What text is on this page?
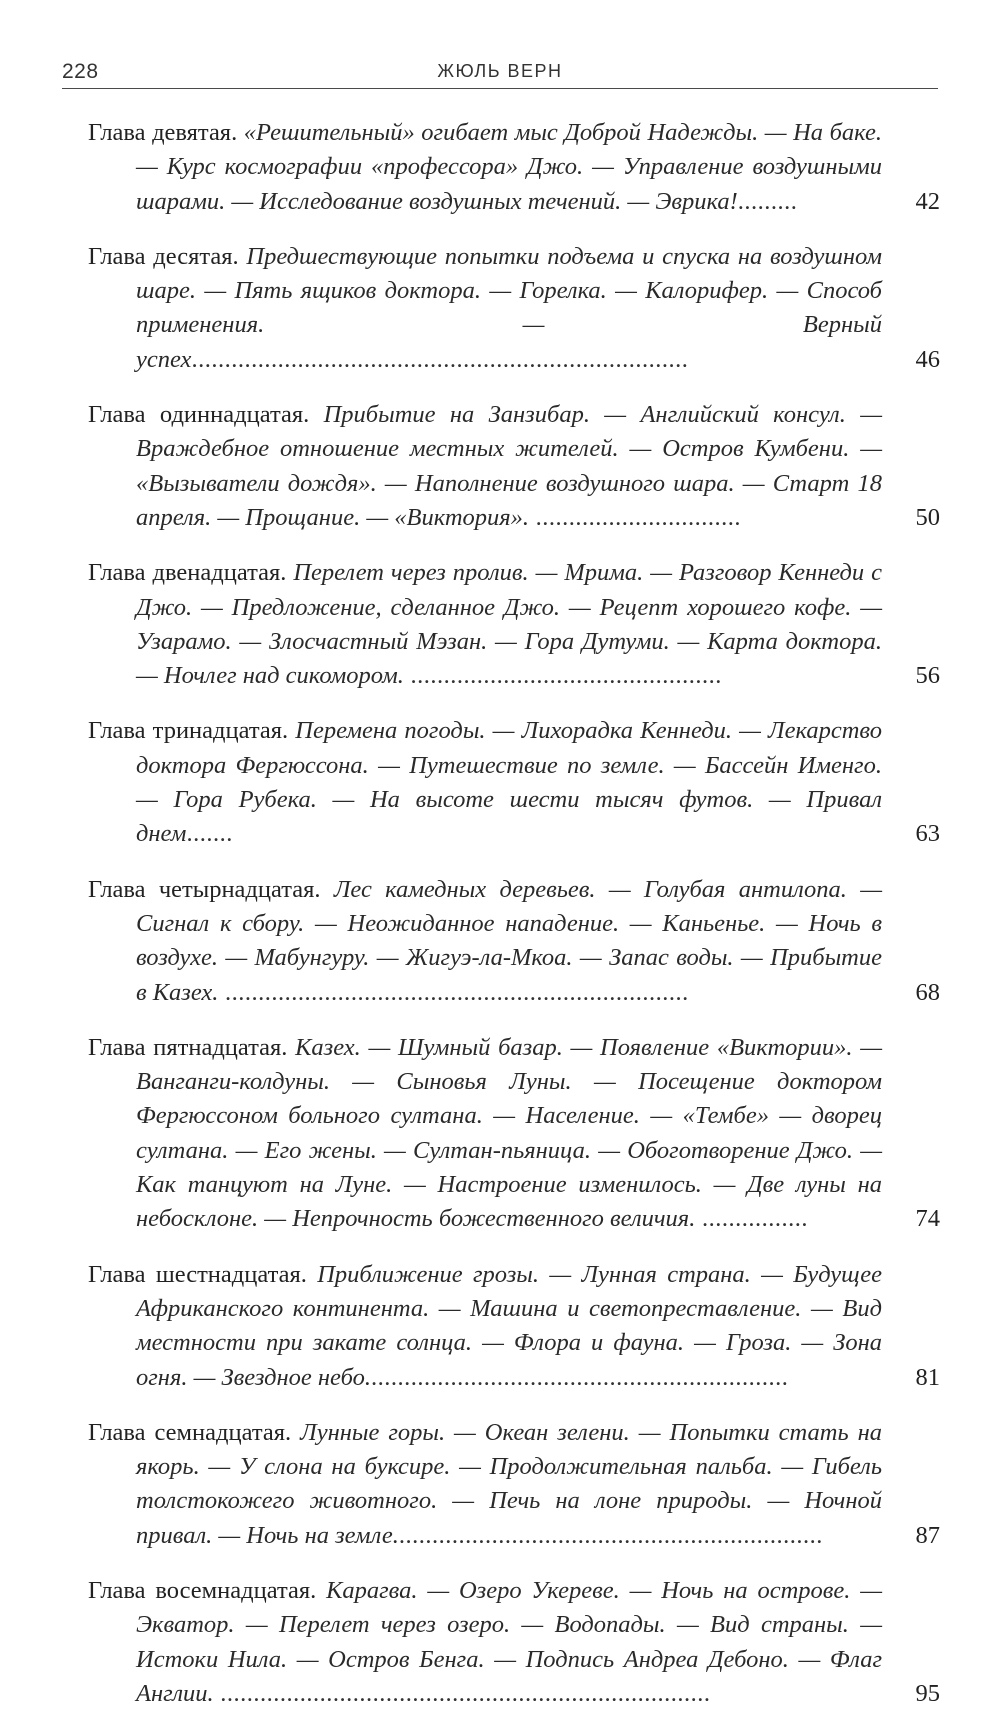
228	ЖЮЛЬ ВЕРН
Глава девятая. «Решительный» огибает мыс Доброй Надежды. — На баке. — Курс космографии «профессора» Джо. — Управление воздушными шарами. — Исследование воздушных течений. — Эврика!.........	42
Глава десятая. Предшествующие попытки подъема и спуска на воздушном шаре. — Пять ящиков доктора. — Горелка. — Калорифер. — Способ применения. — Верный успех...........................................................................	46
Глава одиннадцатая. Прибытие на Занзибар. — Английский консул. — Враждебное отношение местных жителей. — Остров Кумбени. — «Вызыватели дождя». — Наполнение воздушного шара. — Старт 18 апреля. — Прощание. — «Виктория». ...............................	50
Глава двенадцатая. Перелет через пролив. — Мрима. — Разговор Кеннеди с Джо. — Предложение, сделанное Джо. — Рецепт хорошего кофе. — Узарамо. — Злосчастный Мэзан. — Гора Дутуми. — Карта доктора. — Ночлег над сикомором. ...............................................	56
Глава тринадцатая. Перемена погоды. — Лихорадка Кеннеди. — Лекарство доктора Фергюссона. — Путешествие по земле. — Бассейн Именго. — Гора Рубека. — На высоте шести тысяч футов. — Привал днем.......	63
Глава четырнадцатая. Лес камедных деревьев. — Голубая антилопа. — Сигнал к сбору. — Неожиданное нападение. — Каньенье. — Ночь в воздухе. — Мабунгуру. — Жигуэ-ла-Мкоа. — Запас воды. — Прибытие в Казех. ......................................................................	68
Глава пятнадцатая. Казех. — Шумный базар. — Появление «Виктории». — Ванганги-колдуны. — Сыновья Луны. — Посещение доктором Фергюссоном больного султана. — Население. — «Тембе» — дворец султана. — Его жены. — Султан-пьяница. — Обоготворение Джо. — Как танцуют на Луне. — Настроение изменилось. — Две луны на небосклоне. — Непрочность божественного величия. ................	74
Глава шестнадцатая. Приближение грозы. — Лунная страна. — Будущее Африканского континента. — Машина и светопреставление. — Вид местности при закате солнца. — Флора и фауна. — Гроза. — Зона огня. — Звездное небо................................................................	81
Глава семнадцатая. Лунные горы. — Океан зелени. — Попытки стать на якорь. — У слона на буксире. — Продолжительная пальба. — Гибель толстокожего животного. — Печь на лоне природы. — Ночной привал. — Ночь на земле.................................................................	87
Глава восемнадцатая. Карагва. — Озеро Укереве. — Ночь на острове. — Экватор. — Перелет через озеро. — Водопады. — Вид страны. — Истоки Нила. — Остров Бенга. — Подпись Андреа Дебоно. — Флаг Англии. ..........................................................................	95
